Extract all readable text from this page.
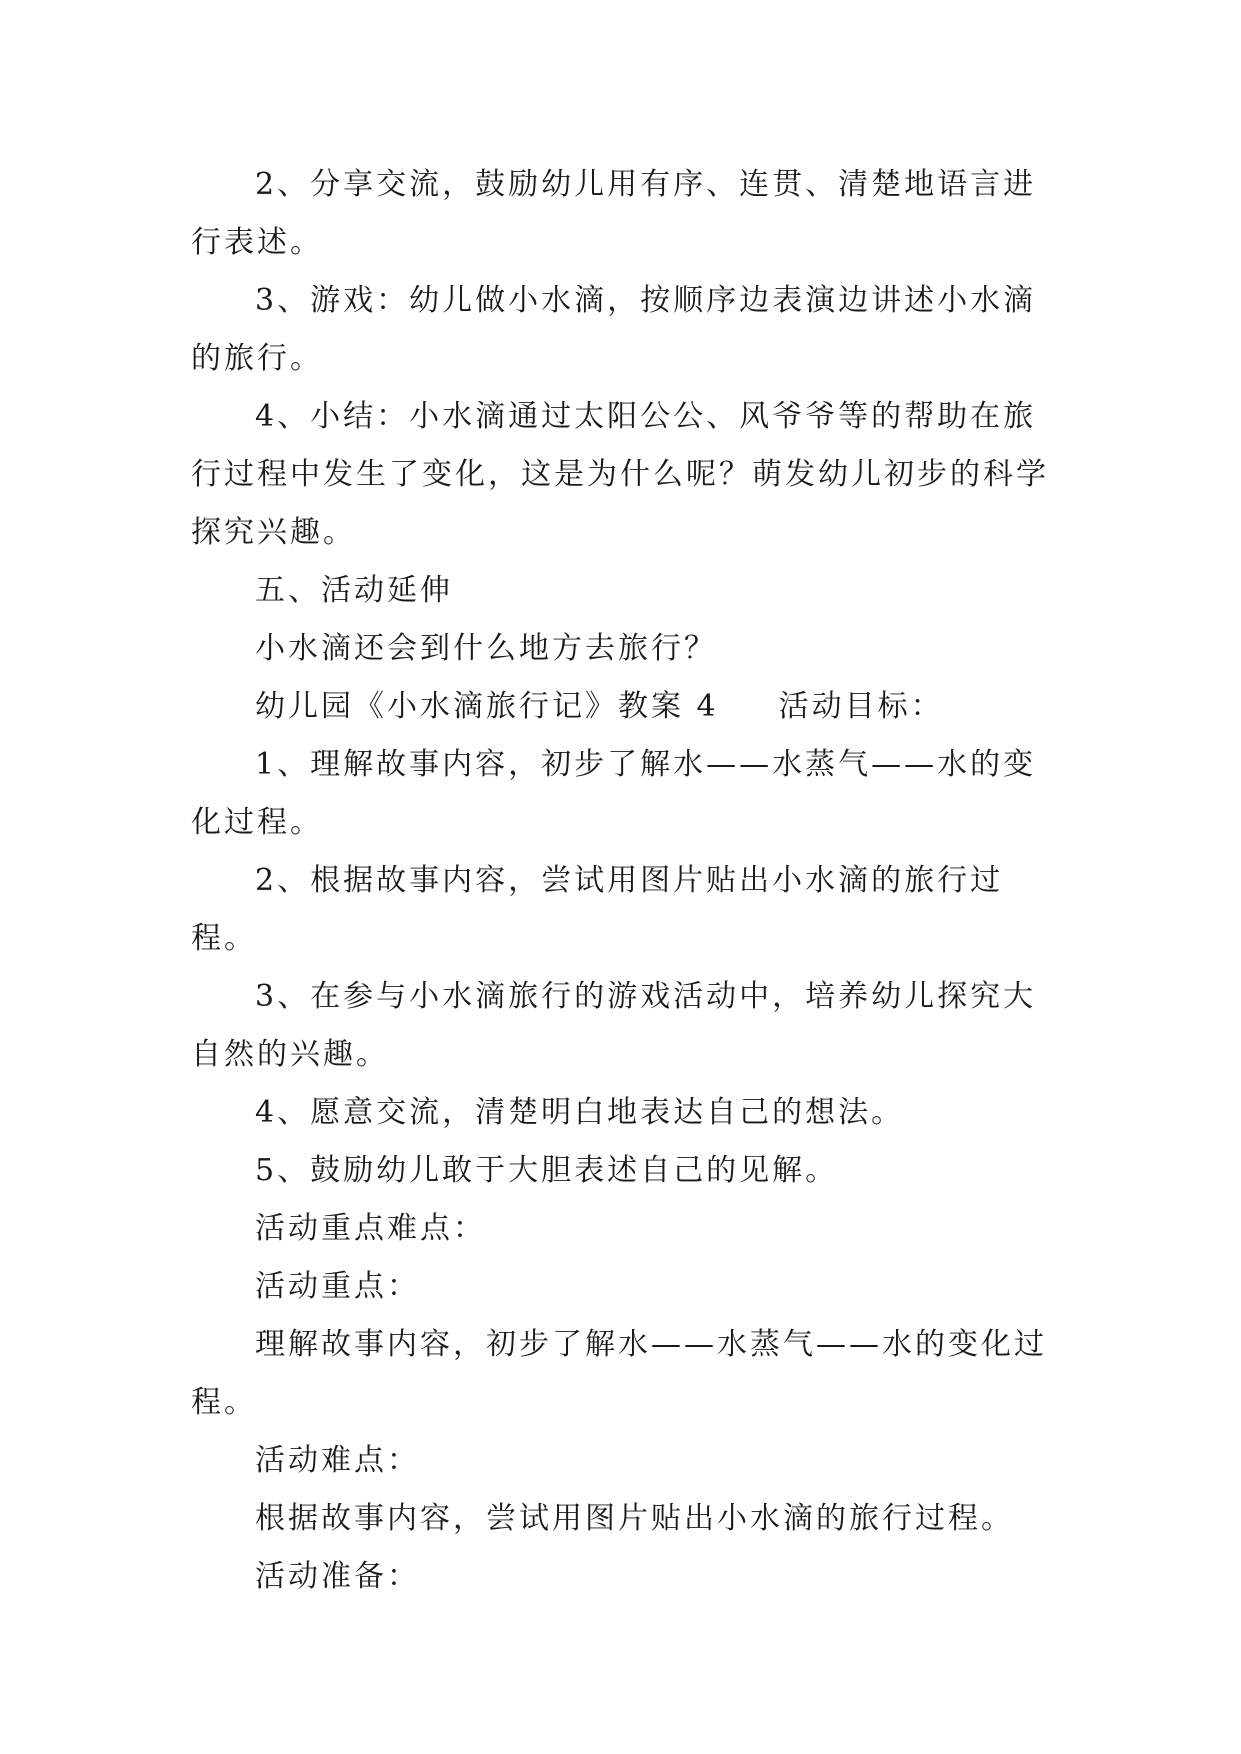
2、分享交流，鼓励幼儿用有序、连贯、清楚地语言进行表述。

3、游戏：幼儿做小水滴，按顺序边表演边讲述小水滴的旅行。

4、小结：小水滴通过太阳公公、风爷爷等的帮助在旅行过程中发生了变化，这是为什么呢？萌发幼儿初步的科学探究兴趣。

五、活动延伸

小水滴还会到什么地方去旅行？

幼儿园《小水滴旅行记》教案 4 活动目标：

1、理解故事内容，初步了解水——水蒸气——水的变化过程。

2、根据故事内容，尝试用图片贴出小水滴的旅行过程。

3、在参与小水滴旅行的游戏活动中，培养幼儿探究大自然的兴趣。

4、愿意交流，清楚明白地表达自己的想法。

5、鼓励幼儿敢于大胆表述自己的见解。

活动重点难点：

活动重点：

理解故事内容，初步了解水——水蒸气——水的变化过程。

活动难点：

根据故事内容，尝试用图片贴出小水滴的旅行过程。

活动准备：
